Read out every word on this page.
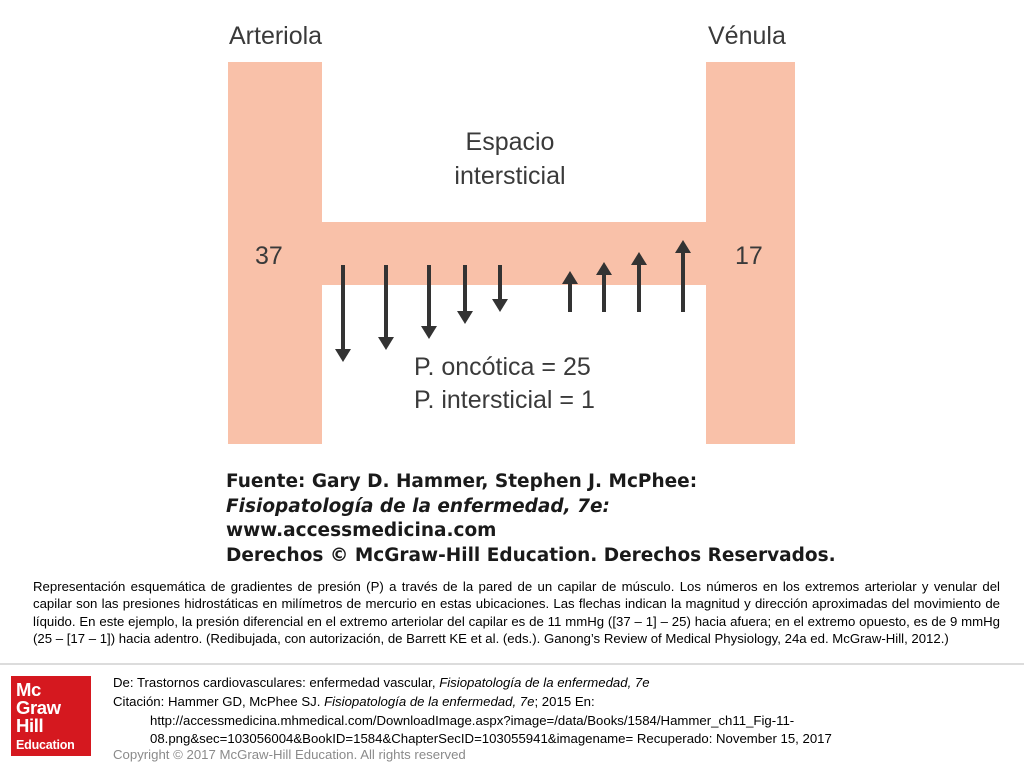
Arteriola	Vénula
Espacio
intersticial
37	17
P. oncótica = 25
P. intersticial = 1
Fuente: Gary D. Hammer, Stephen J. McPhee:
Fisiopatología de la enfermedad, 7e:
www.accessmedicina.com
Derechos © McGraw-Hill Education. Derechos Reservados.
Representación esquemática de gradientes de presión (P) a través de la pared de un capilar de músculo. Los números en los extremos arteriolar y venular del capilar son las presiones hidrostáticas en milímetros de mercurio en estas ubicaciones. Las flechas indican la magnitud y dirección aproximadas del movimiento de líquido. En este ejemplo, la presión diferencial en el extremo arteriolar del capilar es de 11 mmHg ([37 – 1] – 25) hacia afuera; en el extremo opuesto, es de 9 mmHg (25 – [17 – 1]) hacia adentro. (Redibujada, con autorización, de Barrett KE et al. (eds.). Ganong’s Review of Medical Physiology, 24a ed. McGraw-Hill, 2012.)
Mc
Graw
Hill
Education
De: Trastornos cardiovasculares: enfermedad vascular, Fisiopatología de la enfermedad, 7e
Citación: Hammer GD, McPhee SJ. Fisiopatología de la enfermedad, 7e; 2015 En:
http://accessmedicina.mhmedical.com/DownloadImage.aspx?image=/data/Books/1584/Hammer_ch11_Fig-11-
08.png&sec=103056004&BookID=1584&ChapterSecID=103055941&imagename= Recuperado: November 15, 2017
Copyright © 2017 McGraw-Hill Education. All rights reserved
